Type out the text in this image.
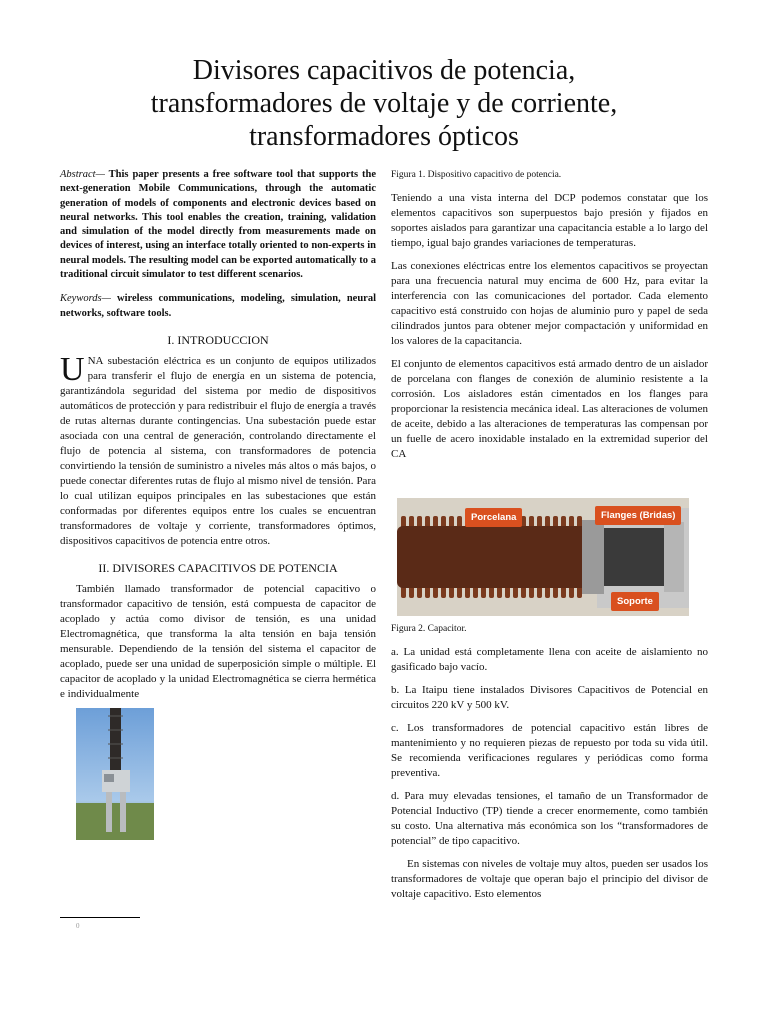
Divisores capacitivos de potencia,
transformadores de voltaje y de corriente,
transformadores ópticos

Abstract— This paper presents a free software tool that supports the next-generation Mobile Communications, through the automatic generation of models of components and electronic devices based on neural networks. This tool enables the creation, training, validation and simulation of the model directly from measurements made on devices of interest, using an interface totally oriented to non-experts in neural models. The resulting model can be exported automatically to a traditional circuit simulator to test different scenarios.

Keywords— wireless communications, modeling, simulation, neural networks, software tools.

I. INTRODUCCION

UNA subestación eléctrica es un conjunto de equipos utilizados para transferir el flujo de energía en un sistema de potencia, garantizándola seguridad del sistema por medio de dispositivos automáticos de protección y para redistribuir el flujo de energía a través de rutas alternas durante contingencias. Una subestación puede estar asociada con una central de generación, controlando directamente el flujo de potencia al sistema, con transformadores de potencia convirtiendo la tensión de suministro a niveles más altos o más bajos, o puede conectar diferentes rutas de flujo al mismo nivel de tensión. Para lo cual utilizan equipos principales en las subestaciones que están conformadas por diferentes equipos entre los cuales se encuentran transformadores de voltaje y corriente, transformadores óptimos, dispositivos capacitivos de potencia entre otros.

II. DIVISORES CAPACITIVOS DE POTENCIA

También llamado transformador de potencial capacitivo o transformador capacitivo de tensión, está compuesta de capacitor de acoplado y actúa como divisor de tensión, es una unidad Electromagnética, que transforma la alta tensión en baja tensión mensurable. Dependiendo de la tensión del sistema el capacitor de acoplado, puede ser una unidad de superposición simple o múltiple. El capacitor de acoplado y la unidad Electromagnética se cierra hermética e individualmente

0

Figura 1. Dispositivo capacitivo de potencia.

Teniendo a una vista interna del DCP podemos constatar que los elementos capacitivos son superpuestos bajo presión y fijados en soportes aislados para garantizar una capacitancia estable a lo largo del tiempo, igual bajo grandes variaciones de temperaturas.

Las conexiones eléctricas entre los elementos capacitivos se proyectan para una frecuencia natural muy encima de 600 Hz, para evitar la interferencia con las comunicaciones del portador. Cada elemento capacitivo está construido con hojas de aluminio puro y papel de seda cilindrados juntos para obtener mejor compactación y uniformidad en los valores de la capacitancia.

El conjunto de elementos capacitivos está armado dentro de un aislador de porcelana con flanges de conexión de aluminio resistente a la corrosión. Los aisladores están cimentados en los flanges para proporcionar la resistencia mecánica ideal. Las alteraciones de volumen de aceite, debido a las alteraciones de temperaturas las compensan por un fuelle de acero inoxidable instalado en la extremidad superior del CA

Porcelana	Flanges (Bridas)
Soporte

Figura 2. Capacitor.

a. La unidad está completamente llena con aceite de aislamiento no gasificado bajo vacío.

b. La Itaipu tiene instalados Divisores Capacitivos de Potencial en circuitos 220 kV y 500 kV.

c. Los transformadores de potencial capacitivo están libres de mantenimiento y no requieren piezas de repuesto por toda su vida útil. Se recomienda verificaciones regulares y periódicas como forma preventiva.

d. Para muy elevadas tensiones, el tamaño de un Transformador de Potencial Inductivo (TP) tiende a crecer enormemente, como también su costo. Una alternativa más económica son los “transformadores de potencial” de tipo capacitivo.

En sistemas con niveles de voltaje muy altos, pueden ser usados los transformadores de voltaje que operan bajo el principio del divisor de voltaje capacitivo. Esto elementos
